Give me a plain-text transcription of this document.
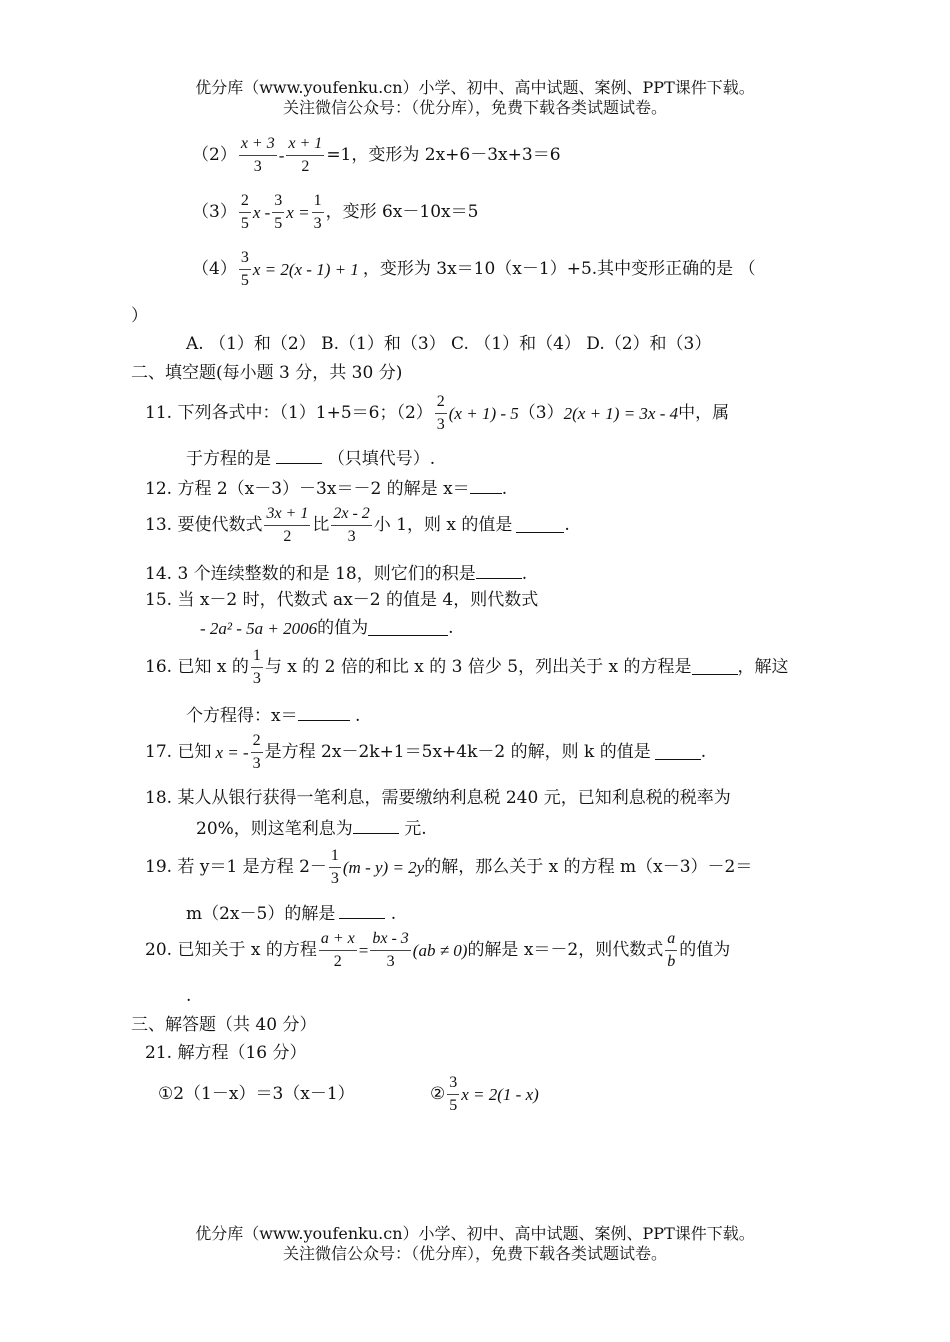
优分库（www.youfenku.cn）小学、初中、高中试题、案例、PPT课件下载。
关注微信公众号：（优分库），免费下载各类试题试卷。
$(2) \frac{x + 3}{3} - \frac{x + 1}{2} =1$，变形为 2x+6－3x+3＝6
$(3) \frac{2}{5}$ x - $\frac{3}{5}$ $x = \frac{1}{3}$ ，变形 6x－10x＝5
$(4) \frac{3}{5}$ x = 2(x - 1) + 1 ，变形为 3x＝10（x－1）+5.其中变形正确的是 （
）
A. （1）和（2） B.（1）和（3） C. （1）和（4） D.（2）和（3）
二、填空题(每小题 3 分，共 30 分)
11. 下列各式中：（1）1+5＝6；$(2) \frac{2}{3} (x + 1) - 5$ （3） 2(x + 1) = 3x - 4 中，属
于方程的是	（只填代号）.
12. 方程 2（x－3）－3x＝－2 的解是 x＝ .
13. 要使代数式 $\frac{3x + 1}{2}$ 比 $\frac{2x - 2}{3}$ 小 1，则 x 的值是	.
14. 3 个连续整数的和是 18，则它们的积是	.
15. 当 x－2 时，代数式 ax－2 的值是 4，则代数式
- 2a² - 5a + 2006 的值为	.
16. 已知 x 的 $\frac{1}{3}$ 与 x 的 2 倍的和比 x 的 3 倍少 5，列出关于 x 的方程是	，解这
个方程得：x＝	.
17. 已知 x = - $\frac{2}{3}$ 是方程 2x－2k+1＝5x+4k－2 的解，则 k 的值是	.
18. 某人从银行获得一笔利息，需要缴纳利息税 240 元，已知利息税的税率为
20%，则这笔利息为	元.
19. 若 y＝1 是方程 $2- \frac{1}{3} (m - y) = 2y$ 的解，那么关于 x 的方程 m（x－3）－2＝
m（2x－5）的解是	.
20. 已知关于 x 的方程 $\frac{a + x}{2} = \frac{bx - 3}{3} (ab \ne 0)$ 的解是 x＝－2，则代数式 $\frac{a}{b}$ 的值为
.
三、解答题（共 40 分）
21. 解方程（16 分）
①2（1－x）＝3（x－1）	② $\frac{3}{5}$ x = 2(1 - x)
优分库（www.youfenku.cn）小学、初中、高中试题、案例、PPT课件下载。
关注微信公众号：（优分库），免费下载各类试题试卷。
